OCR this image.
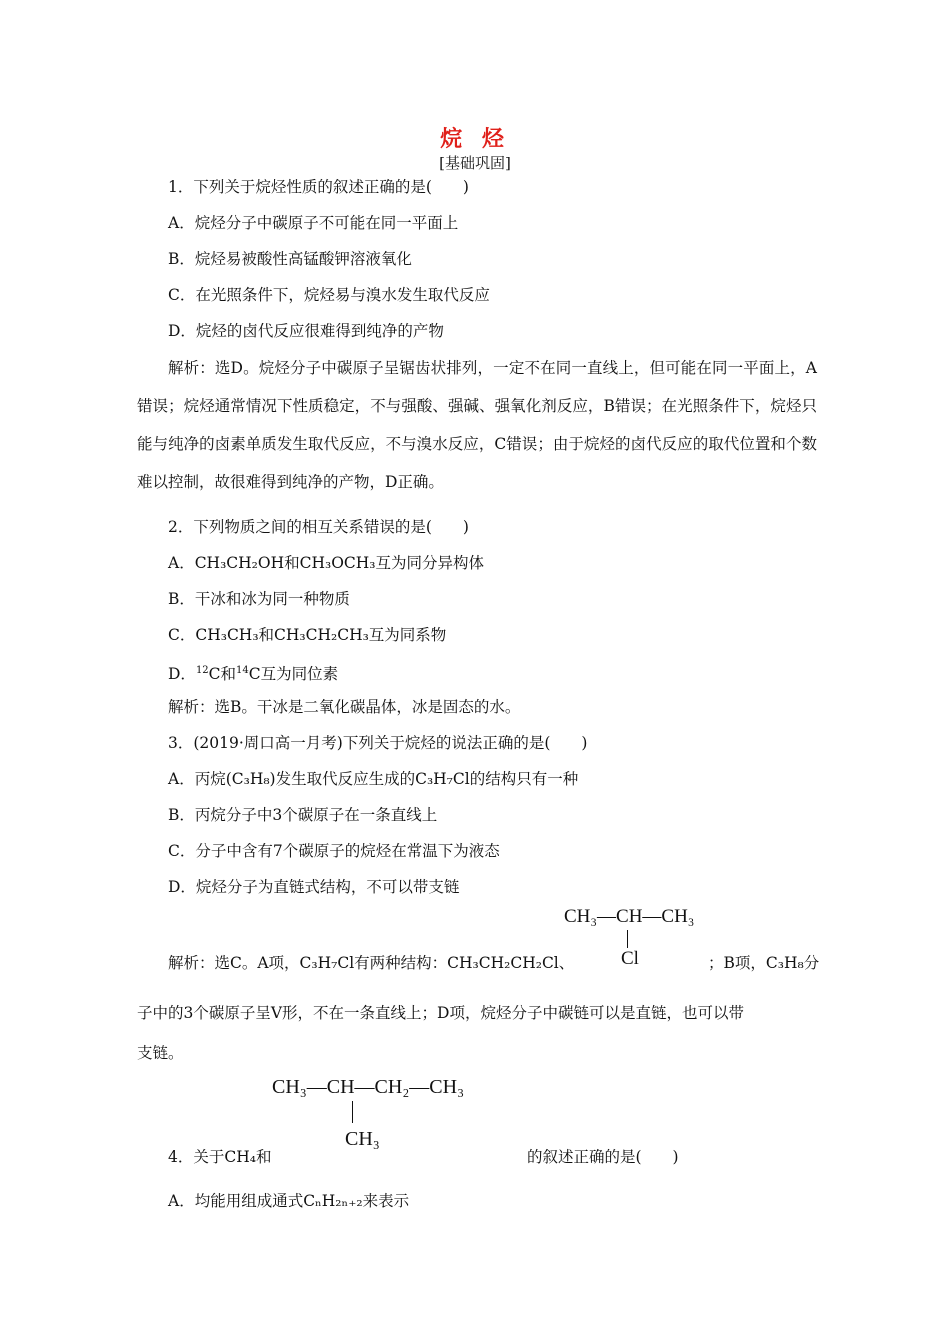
烷 烃
[基础巩固]
1．下列关于烷烃性质的叙述正确的是(　　)
A．烷烃分子中碳原子不可能在同一平面上
B．烷烃易被酸性高锰酸钾溶液氧化
C．在光照条件下，烷烃易与溴水发生取代反应
D．烷烃的卤代反应很难得到纯净的产物
解析：选D。烷烃分子中碳原子呈锯齿状排列，一定不在同一直线上，但可能在同一平面上，A错误；烷烃通常情况下性质稳定，不与强酸、强碱、强氧化剂反应，B错误；在光照条件下，烷烃只能与纯净的卤素单质发生取代反应，不与溴水反应，C错误；由于烷烃的卤代反应的取代位置和个数难以控制，故很难得到纯净的产物，D正确。
2．下列物质之间的相互关系错误的是(　　)
A．CH₃CH₂OH和CH₃OCH₃互为同分异构体
B．干冰和冰为同一种物质
C．CH₃CH₃和CH₃CH₂CH₃互为同系物
D．$^{12}$C和$^{14}$C互为同位素
解析：选B。干冰是二氧化碳晶体，冰是固态的水。
3．(2019·周口高一月考)下列关于烷烃的说法正确的是(　　)
A．丙烷(C₃H₈)发生取代反应生成的C₃H₇Cl的结构只有一种
B．丙烷分子中3个碳原子在一条直线上
C．分子中含有7个碳原子的烷烃在常温下为液态
D．烷烃分子为直链式结构，不可以带支链
CH₃—CH—CH₃
Cl
解析：选C。A项，C₃H₇Cl有两种结构：CH₃CH₂CH₂Cl、	；B项，C₃H₈分
子中的3个碳原子呈V形，不在一条直线上；D项，烷烃分子中碳链可以是直链，也可以带
支链。
CH₃—CH—CH₂—CH₃
CH₃
4．关于CH₄和	的叙述正确的是(　　)
A．均能用组成通式CₙH₂ₙ₊₂来表示
